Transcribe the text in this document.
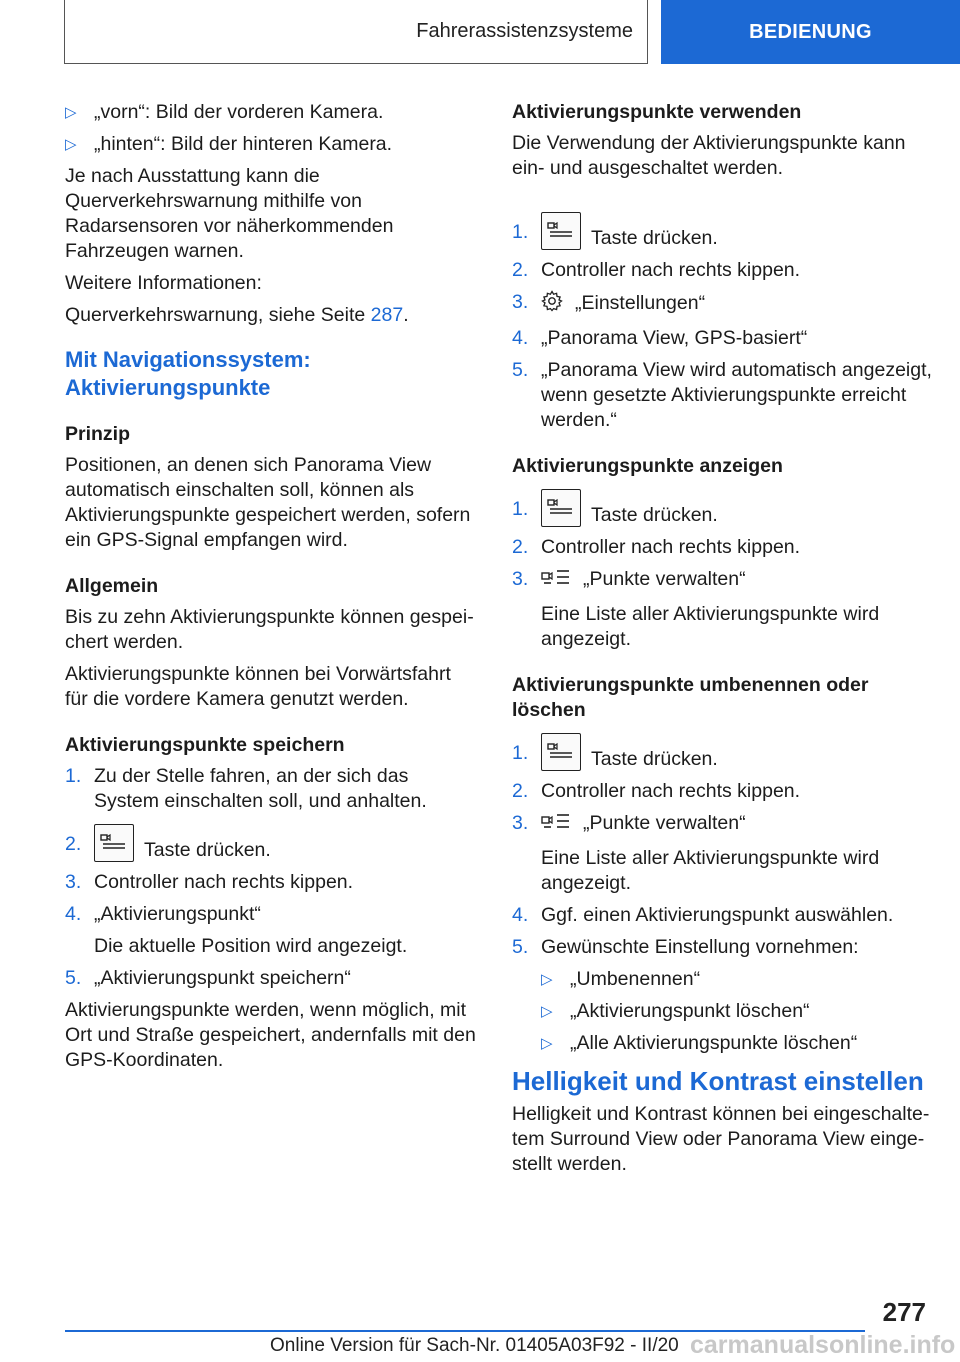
Fahrerassistenzsysteme	BEDIENUNG
▷ „vorn“: Bild der vorderen Kamera.
▷ „hinten“: Bild der hinteren Kamera.

Je nach Ausstattung kann die Querverkehrswarnung mithilfe von Radarsensoren vor näherkommenden Fahrzeugen warnen.

Weitere Informationen:

Querverkehrswarnung, siehe Seite 287.

Mit Navigationssystem: Aktivierungspunkte
Prinzip

Positionen, an denen sich Panorama View automatisch einschalten soll, können als Aktivierungspunkte gespeichert werden, sofern ein GPS-Signal empfangen wird.

Allgemein

Bis zu zehn Aktivierungspunkte können gespeichert werden.

Aktivierungspunkte können bei Vorwärtsfahrt für die vordere Kamera genutzt werden.

Aktivierungspunkte speichern
1. Zu der Stelle fahren, an der sich das System einschalten soll, und anhalten.
2.	Taste drücken.
3. Controller nach rechts kippen.
4. „Aktivierungspunkt“

Die aktuelle Position wird angezeigt.

5. „Aktivierungspunkt speichern“

Aktivierungspunkte werden, wenn möglich, mit Ort und Straße gespeichert, andernfalls mit den GPS-Koordinaten.

Aktivierungspunkte verwenden

Die Verwendung der Aktivierungspunkte kann ein- und ausgeschaltet werden.

1.	Taste drücken.
2. Controller nach rechts kippen.
3.	„Einstellungen“
4. „Panorama View, GPS-basiert“
5. „Panorama View wird automatisch angezeigt, wenn gesetzte Aktivierungspunkte erreicht werden.“
Aktivierungspunkte anzeigen
1.	Taste drücken.
2. Controller nach rechts kippen.
3.	„Punkte verwalten“

Eine Liste aller Aktivierungspunkte wird angezeigt.

Aktivierungspunkte umbenennen oder löschen
1.	Taste drücken.
2. Controller nach rechts kippen.
3.	„Punkte verwalten“

Eine Liste aller Aktivierungspunkte wird angezeigt.

4. Ggf. einen Aktivierungspunkt auswählen.
5. Gewünschte Einstellung vornehmen:
▷ „Umbenennen“
▷ „Aktivierungspunkt löschen“
▷ „Alle Aktivierungspunkte löschen“
Helligkeit und Kontrast einstellen

Helligkeit und Kontrast können bei eingeschaltetem Surround View oder Panorama View eingestellt werden.

277
Online Version für Sach-Nr. 01405A03F92 - II/20 carmanualsonline.info
